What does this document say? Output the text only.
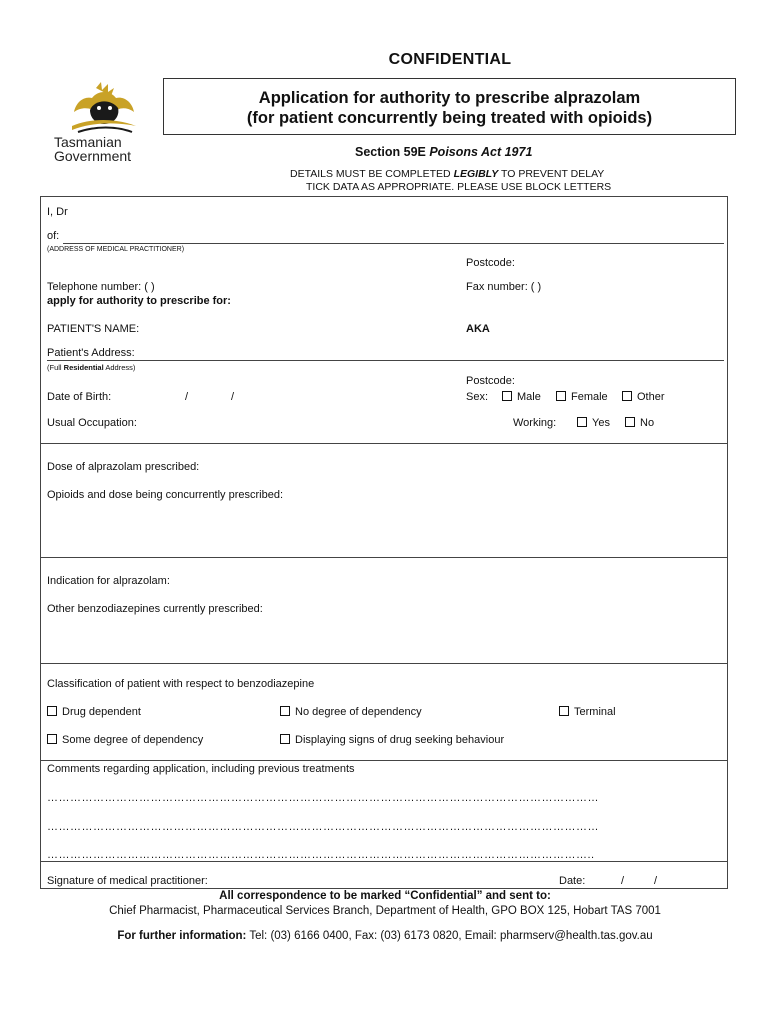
Tasmanian
Government
CONFIDENTIAL
Application for authority to prescribe alprazolam
(for patient concurrently being treated with opioids)
Section 59E Poisons Act 1971
DETAILS MUST BE COMPLETED LEGIBLY TO PREVENT DELAY
TICK DATA AS APPROPRIATE. PLEASE USE BLOCK LETTERS
I, Dr
of:
(ADDRESS OF MEDICAL PRACTITIONER)
Postcode:
Telephone number: ( )	Fax number: ( )
apply for authority to prescribe for:
PATIENT'S NAME:	AKA
Patient's Address:
(Full Residential Address)
Postcode:
Date of Birth:	/	/	Sex:	Male	Female	Other
Usual Occupation:	Working:	Yes	No
Dose of alprazolam prescribed:
Opioids and dose being concurrently prescribed:
Indication for alprazolam:
Other benzodiazepines currently prescribed:
Classification of patient with respect to benzodiazepine
Drug dependent	No degree of dependency	Terminal
Some degree of dependency	Displaying signs of drug seeking behaviour
Comments regarding application, including previous treatments
………………………………………………………………………………………………………………………………
………………………………………………………………………………………………………………………………
……………………………………………………………………………………………………………………………..
Signature of medical practitioner:	Date:	/	/
All correspondence to be marked “Confidential” and sent to:
Chief Pharmacist, Pharmaceutical Services Branch, Department of Health, GPO BOX 125, Hobart TAS 7001
For further information: Tel: (03) 6166 0400, Fax: (03) 6173 0820, Email: pharmserv@health.tas.gov.au
